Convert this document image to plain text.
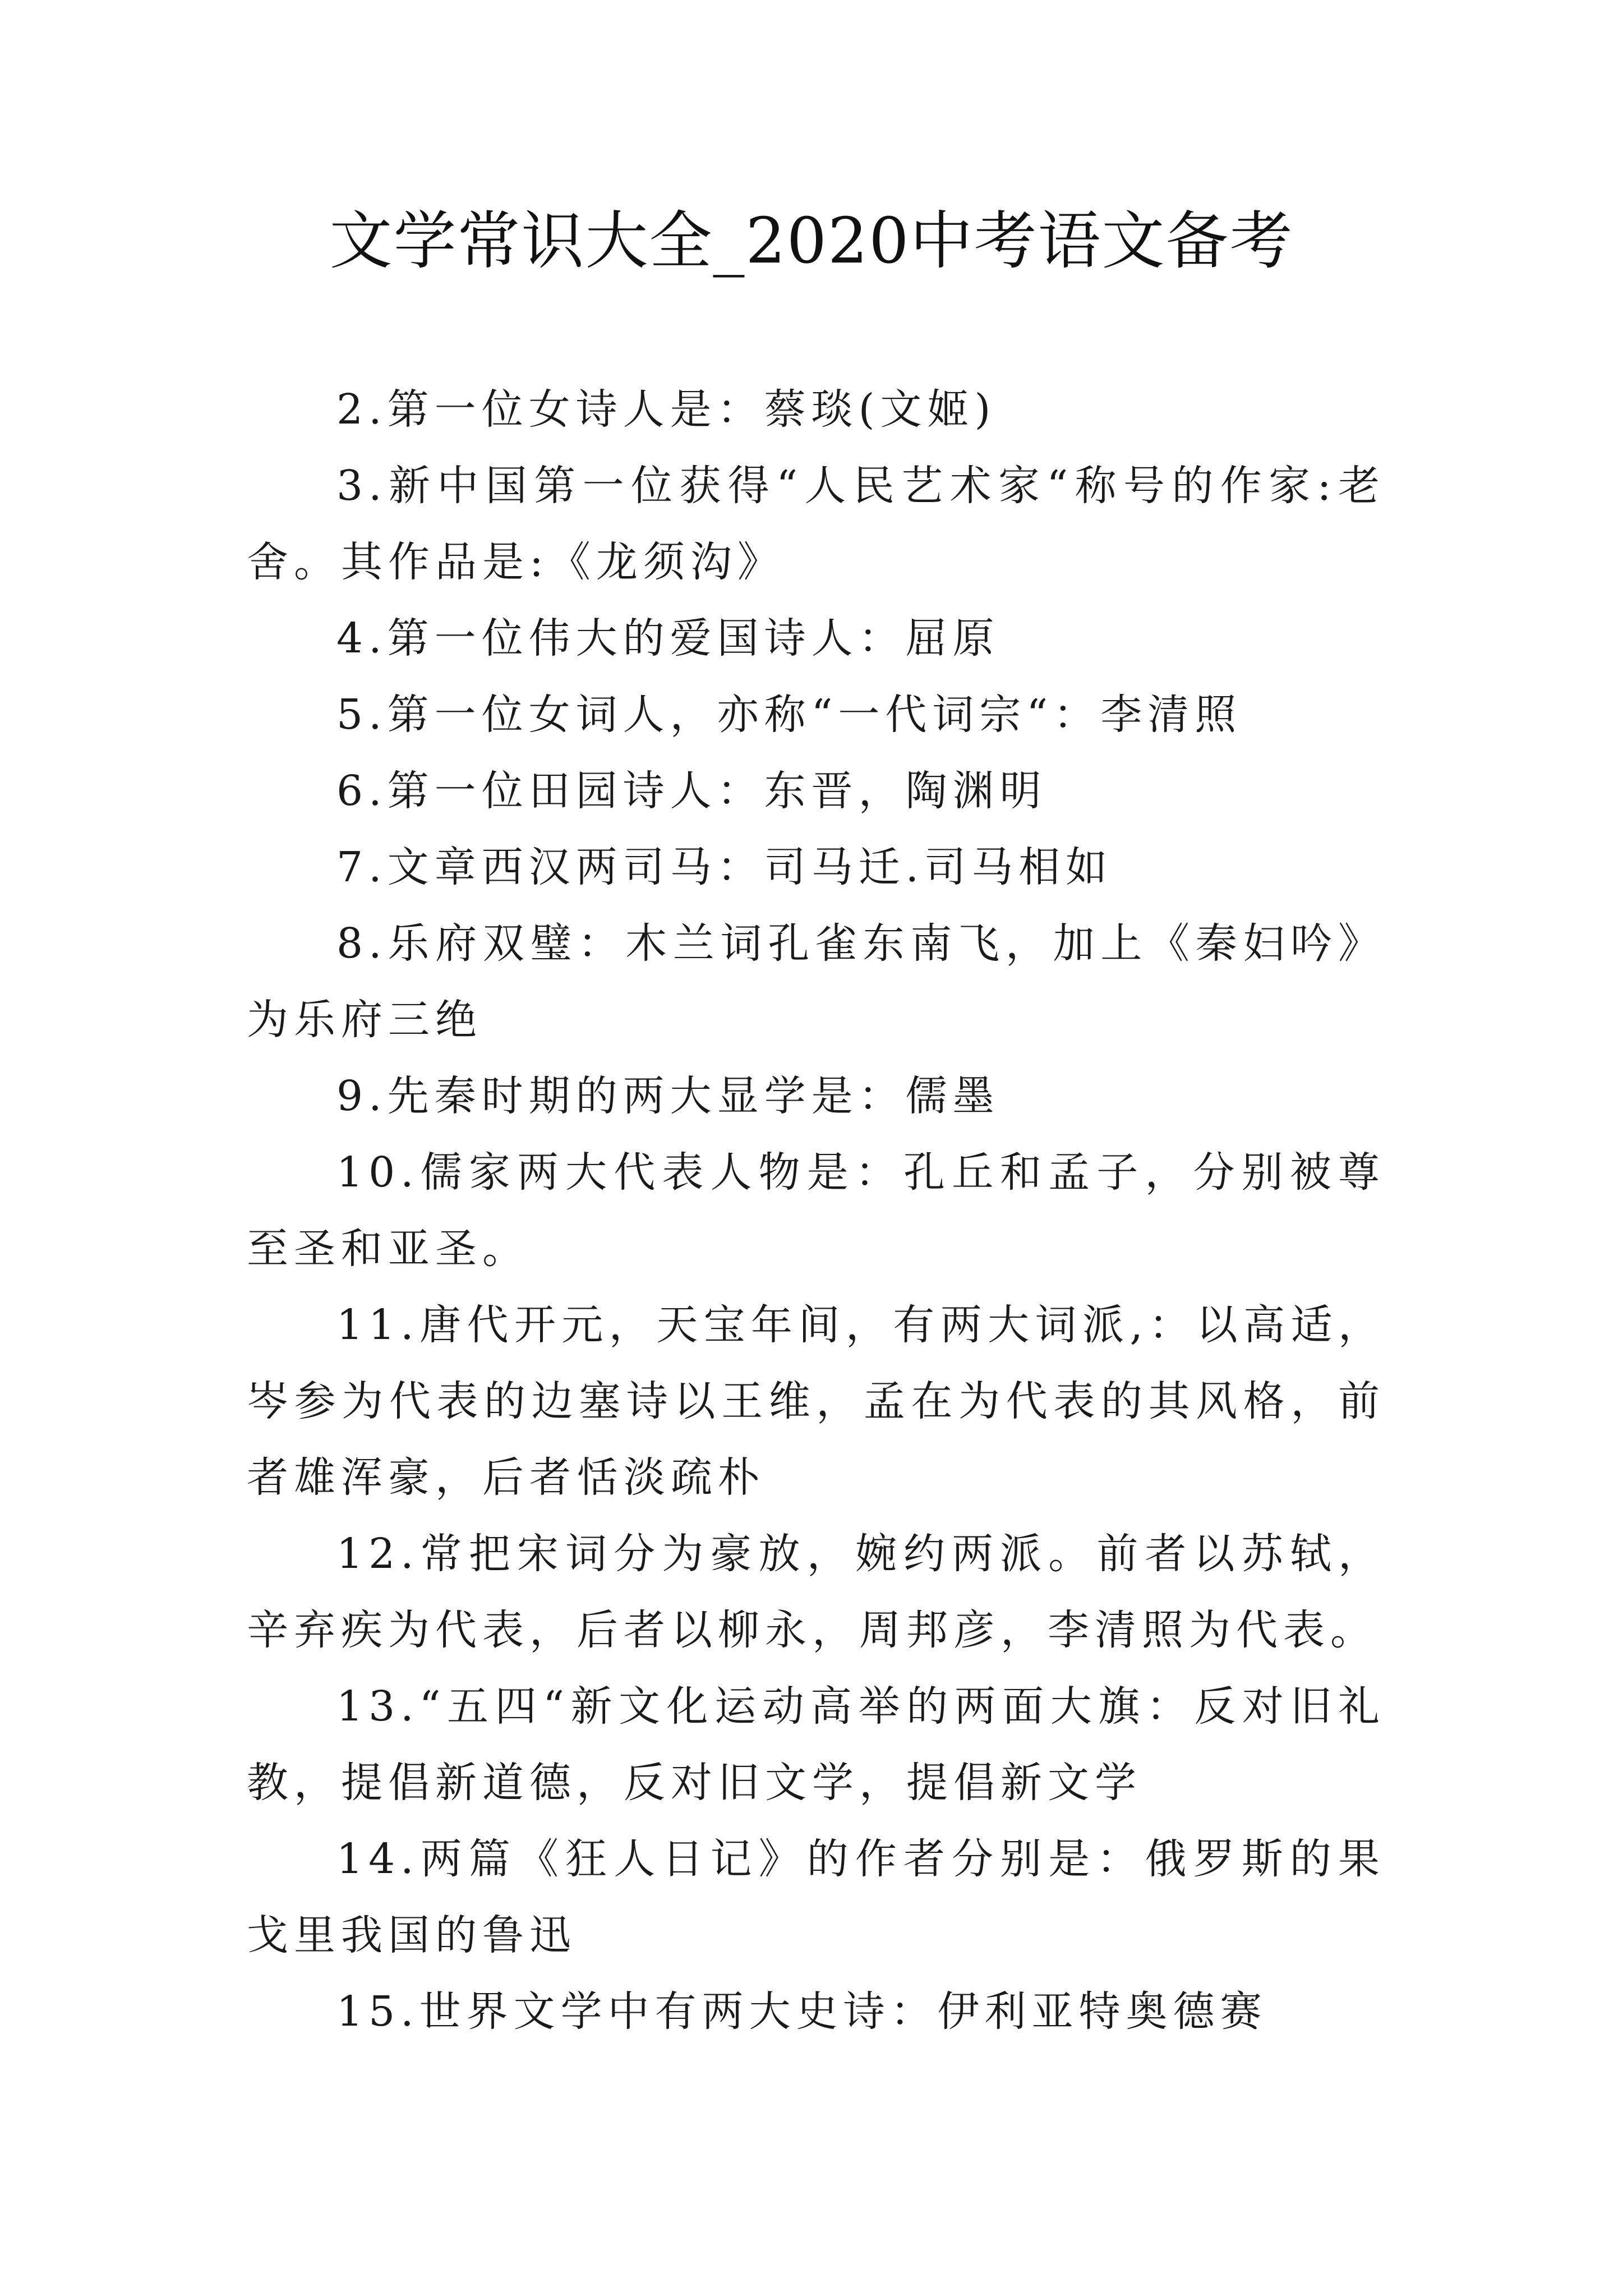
文学常识大全_2020中考语文备考

2.第一位女诗人是：蔡琰(文姬)

3.新中国第一位获得“人民艺术家“称号的作家:老舍。其作品是:《龙须沟》

4.第一位伟大的爱国诗人：屈原

5.第一位女词人，亦称“一代词宗“：李清照

6.第一位田园诗人：东晋，陶渊明

7.文章西汉两司马：司马迁.司马相如

8.乐府双璧：木兰词孔雀东南飞，加上《秦妇吟》为乐府三绝

9.先秦时期的两大显学是：儒墨

10.儒家两大代表人物是：孔丘和孟子，分别被尊至圣和亚圣。

11.唐代开元，天宝年间，有两大词派,：以高适，岑参为代表的边塞诗以王维，孟在为代表的其风格，前者雄浑豪，后者恬淡疏朴

12.常把宋词分为豪放，婉约两派。前者以苏轼，辛弃疾为代表，后者以柳永，周邦彦，李清照为代表。

13.“五四“新文化运动高举的两面大旗：反对旧礼教，提倡新道德，反对旧文学，提倡新文学

14.两篇《狂人日记》的作者分别是：俄罗斯的果戈里我国的鲁迅

15.世界文学中有两大史诗：伊利亚特奥德赛
